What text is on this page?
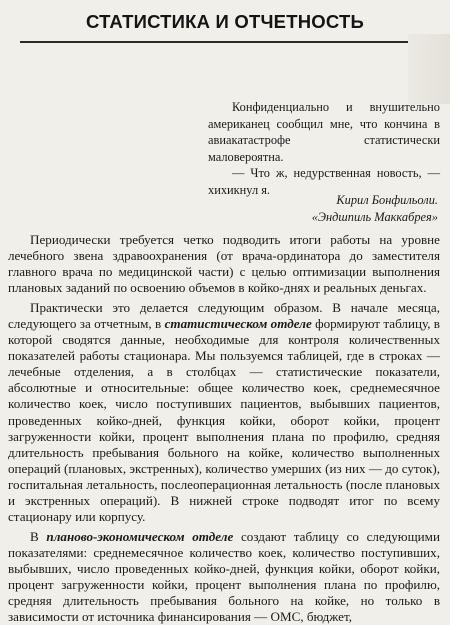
СТАТИСТИКА И ОТЧЕТНОСТЬ

Конфиденциально и внушительно американец сообщил мне, что кончина в авиакатастрофе статистически маловероятна.

— Что ж, недурственная новость, — хихикнул я.

Кирил Бонфильоли.
«Эндшпиль Маккабрея»

Периодически требуется четко подводить итоги работы на уровне лечебного звена здравоохранения (от врача-ординатора до заместителя главного врача по медицинской части) с целью оптимизации выполнения плановых заданий по освоению объемов в койко-днях и реальных деньгах.

Практически это делается следующим образом. В начале месяца, следующего за отчетным, в статистическом отделе формируют таблицу, в которой сводятся данные, необходимые для контроля количественных показателей работы стационара. Мы пользуемся таблицей, где в строках — лечебные отделения, а в столбцах — статистические показатели, абсолютные и относительные: общее количество коек, среднемесячное количество коек, число поступивших пациентов, выбывших пациентов, проведенных койко-дней, функция койки, оборот койки, процент загруженности койки, процент выполнения плана по профилю, средняя длительность пребывания больного на койке, количество выполненных операций (плановых, экстренных), количество умерших (из них — до суток), госпитальная летальность, послеоперационная летальность (после плановых и экстренных операций). В нижней строке подводят итог по всему стационару или корпусу.

В планово-экономическом отделе создают таблицу со следующими показателями: среднемесячное количество коек, количество поступивших, выбывших, число проведенных койко-дней, функция койки, оборот койки, процент загруженности койки, процент выполнения плана по профилю, средняя длительность пребывания больного на койке, но только в зависимости от источника финансирования — ОМС, бюджет,
